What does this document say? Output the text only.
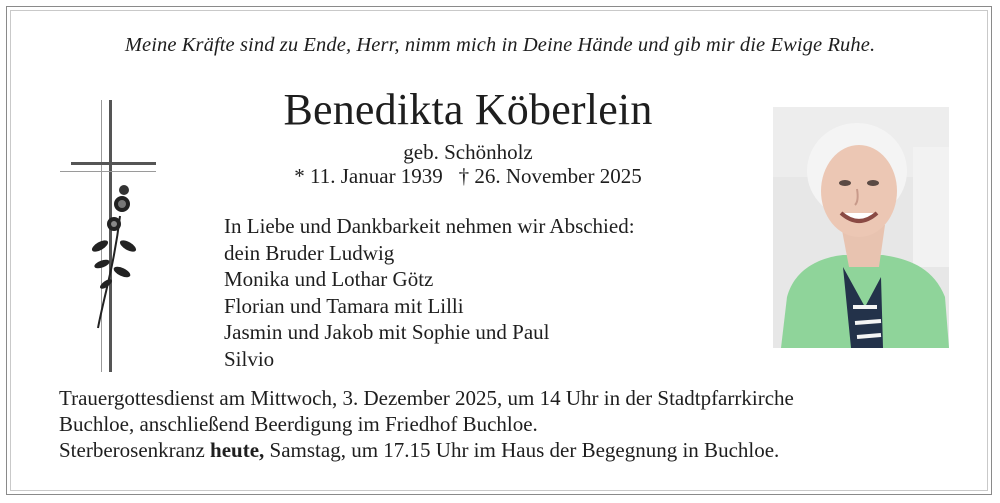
Meine Kräfte sind zu Ende, Herr, nimm mich in Deine Hände und gib mir die Ewige Ruhe.
Benedikta Köberlein
geb. Schönholz
* 11. Januar 1939 † 26. November 2025
In Liebe und Dankbarkeit nehmen wir Abschied:
dein Bruder Ludwig
Monika und Lothar Götz
Florian und Tamara mit Lilli
Jasmin und Jakob mit Sophie und Paul
Silvio
Trauergottesdienst am Mittwoch, 3. Dezember 2025, um 14 Uhr in der Stadtpfarrkirche
Buchloe, anschließend Beerdigung im Friedhof Buchloe.
Sterberosenkranz heute, Samstag, um 17.15 Uhr im Haus der Begegnung in Buchloe.
